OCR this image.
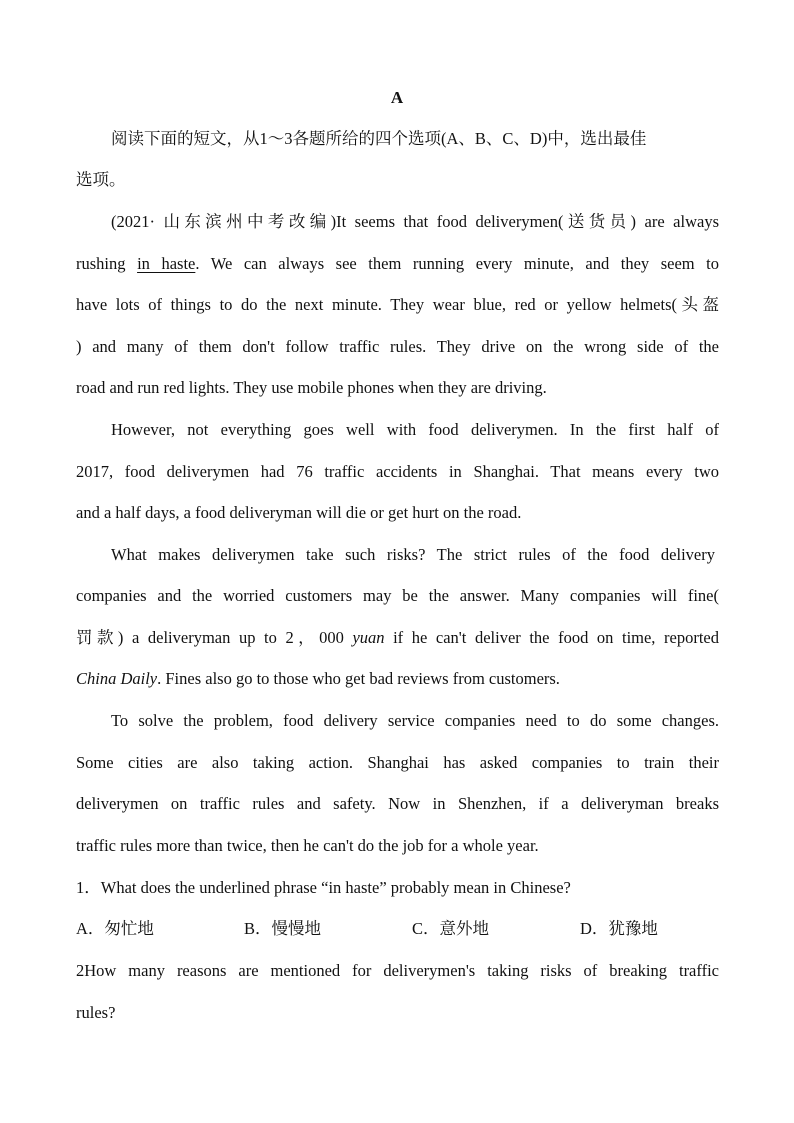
A
阅读下面的短文，从1～3各题所给的四个选项(A、B、C、D)中，选出最佳
选项。
(2021· 山东滨州中考改编)It seems that food deliverymen(送货员) are always
rushing in haste. We can always see them running every minute, and they seem to
have lots of things to do the next minute. They wear blue, red or yellow helmets(头盔
) and many of them don't follow traffic rules. They drive on the wrong side of the
road and run red lights. They use mobile phones when they are driving.
However, not everything goes well with food deliverymen. In the first half of
2017, food deliverymen had 76 traffic accidents in Shanghai. That means every two
and a half days, a food deliveryman will die or get hurt on the road.
What makes deliverymen take such risks? The strict rules of the food delivery
companies and the worried customers may be the answer. Many companies will fine(
罚款) a deliveryman up to 2，000 yuan if he can't deliver the food on time, reported
China Daily. Fines also go to those who get bad reviews from customers.
To solve the problem, food delivery service companies need to do some changes.
Some cities are also taking action. Shanghai has asked companies to train their
deliverymen on traffic rules and safety. Now in Shenzhen, if a deliveryman breaks
traffic rules more than twice, then he can't do the job for a whole year.
1．What does the underlined phrase “in haste” probably mean in Chinese?
A．匆忙地	B．慢慢地	C．意外地	D．犹豫地
2How many reasons are mentioned for deliverymen's taking risks of breaking traffic
rules?
